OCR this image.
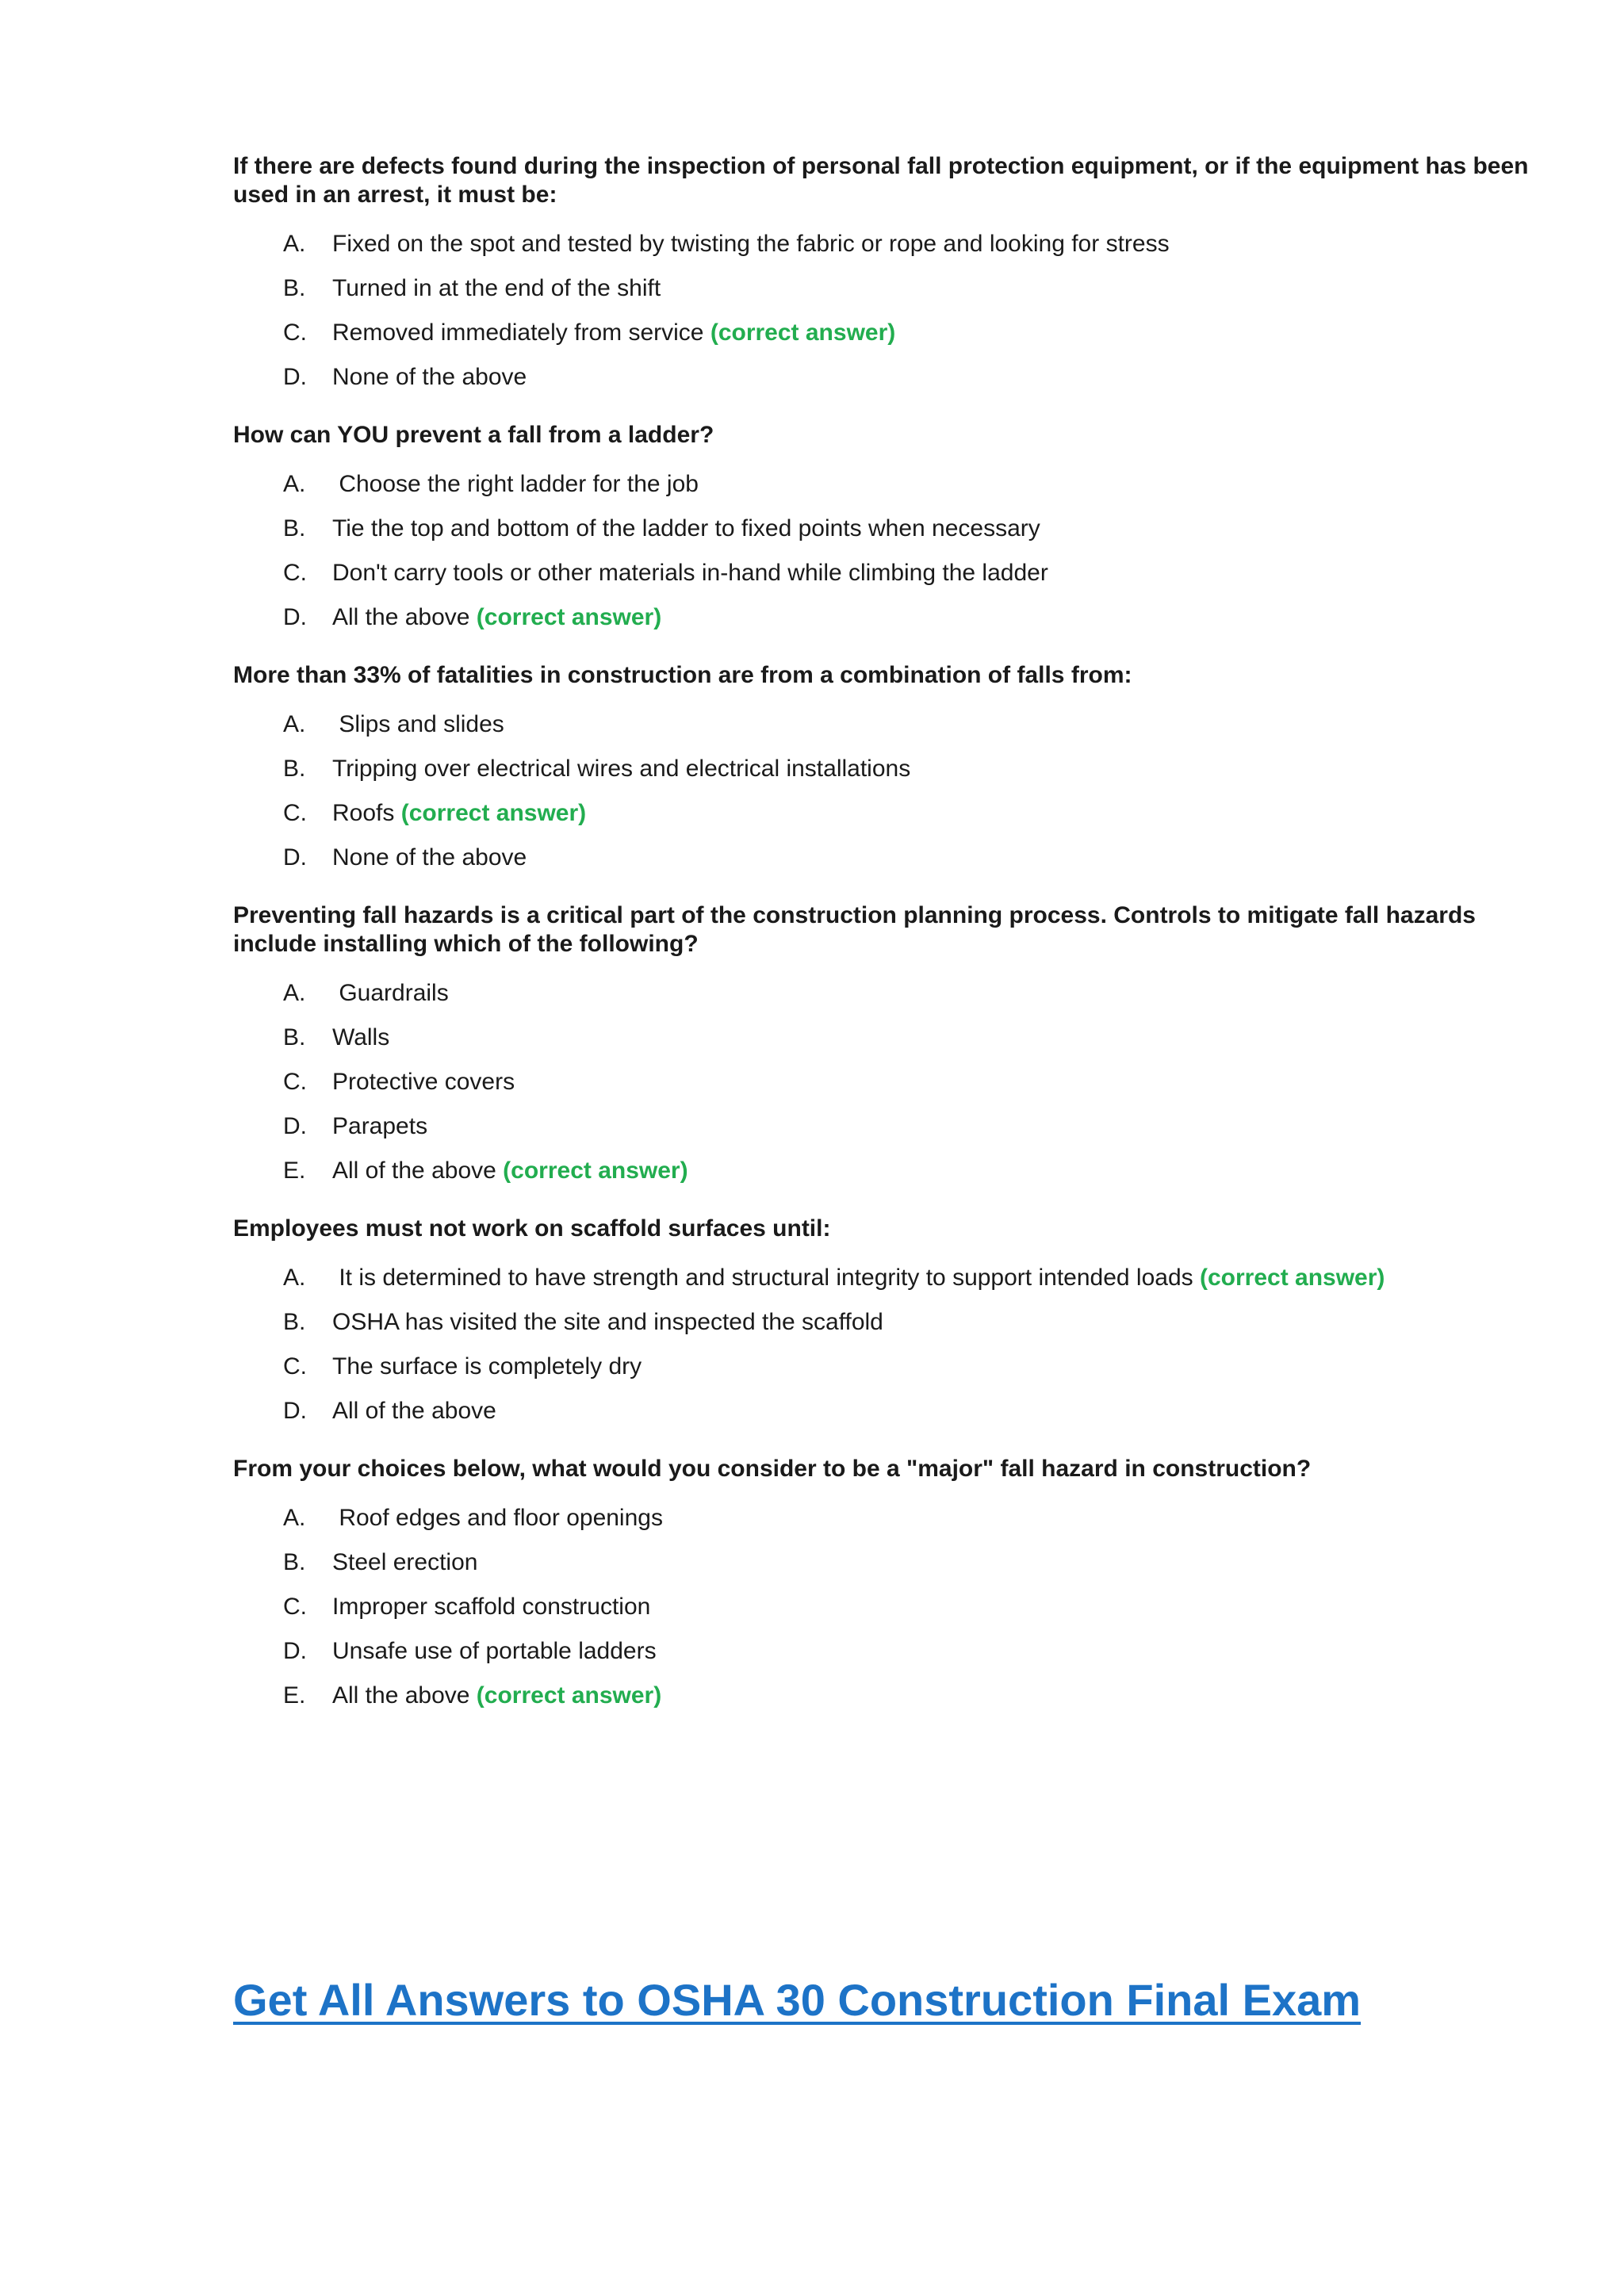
If there are defects found during the inspection of personal fall protection equipment, or if the equipment has been used in an arrest, it must be:
A.	Fixed on the spot and tested by twisting the fabric or rope and looking for stress
B.	Turned in at the end of the shift
C.	Removed immediately from service (correct answer)
D.	None of the above
How can YOU prevent a fall from a ladder?
A.	Choose the right ladder for the job
B.	Tie the top and bottom of the ladder to fixed points when necessary
C.	Don't carry tools or other materials in-hand while climbing the ladder
D.	All the above (correct answer)
More than 33% of fatalities in construction are from a combination of falls from:
A.	Slips and slides
B.	Tripping over electrical wires and electrical installations
C.	Roofs (correct answer)
D.	None of the above
Preventing fall hazards is a critical part of the construction planning process. Controls to mitigate fall hazards include installing which of the following?
A.	Guardrails
B.	Walls
C.	Protective covers
D.	Parapets
E.	All of the above (correct answer)
Employees must not work on scaffold surfaces until:
A.	It is determined to have strength and structural integrity to support intended loads (correct answer)
B.	OSHA has visited the site and inspected the scaffold
C.	The surface is completely dry
D.	All of the above
From your choices below, what would you consider to be a "major" fall hazard in construction?
A.	Roof edges and floor openings
B.	Steel erection
C.	Improper scaffold construction
D.	Unsafe use of portable ladders
E.	All the above (correct answer)
Get All Answers to OSHA 30 Construction Final Exam
